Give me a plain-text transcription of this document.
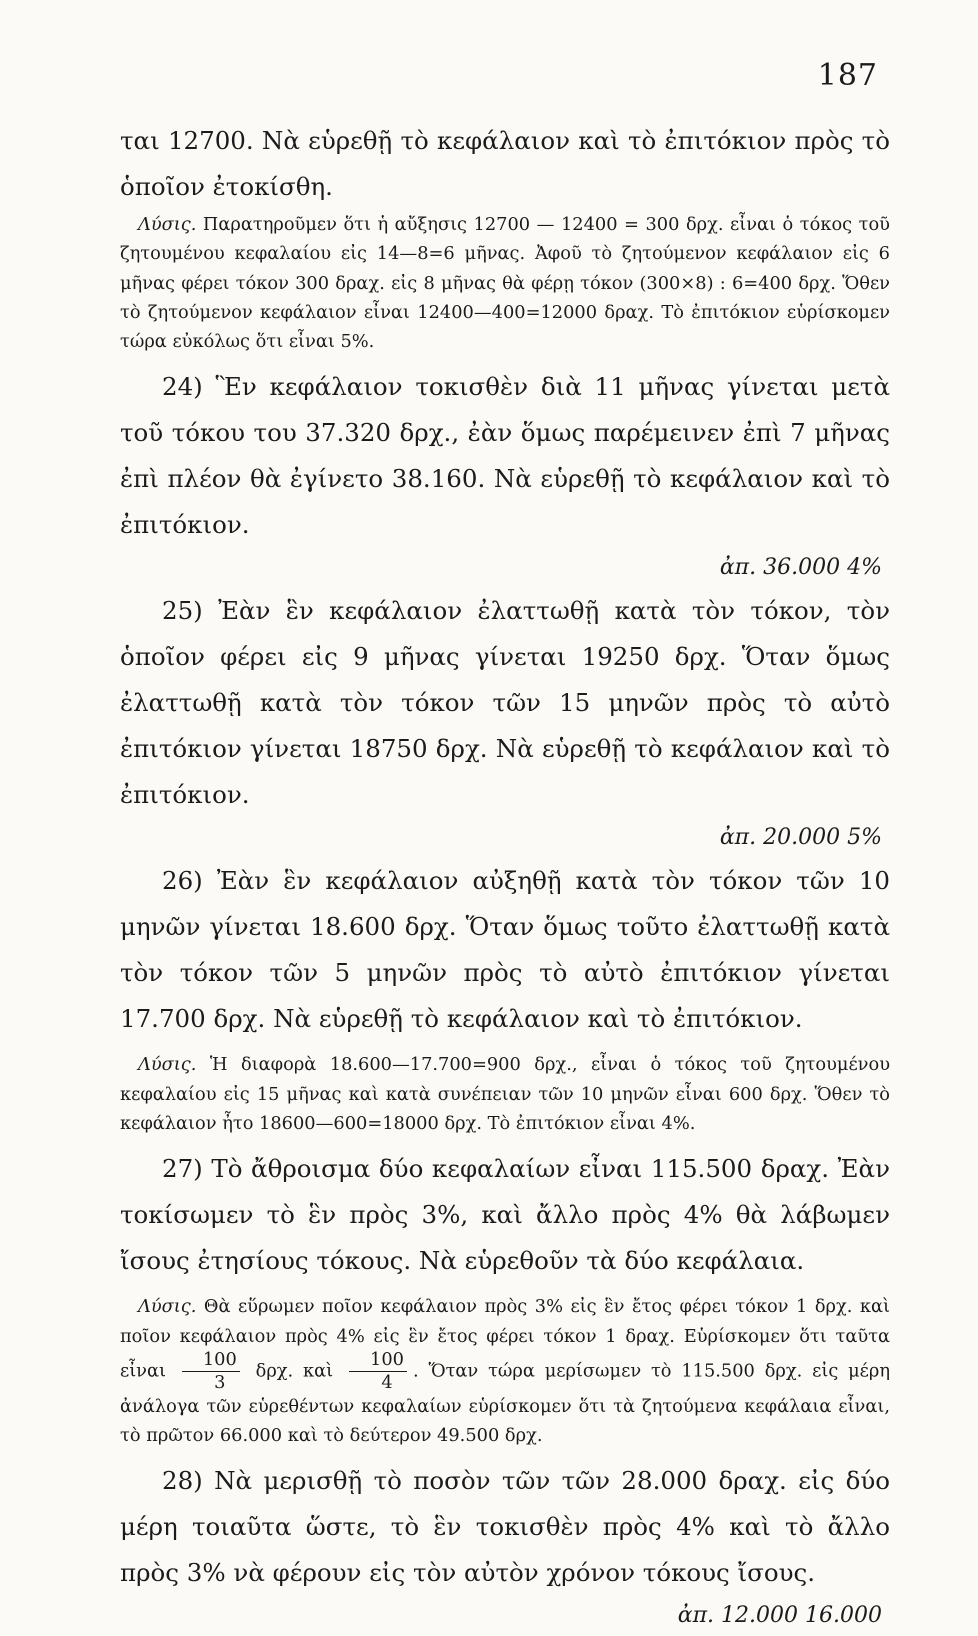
187

ται 12700. Νὰ εὑρεθῇ τὸ κεφάλαιον καὶ τὸ ἐπιτόκιον πρὸς τὸ ὁποῖον ἐτοκίσθη.

Λύσις. Παρατηροῦμεν ὅτι ἡ αὔξησις 12700 — 12400 = 300 δρχ. εἶναι ὁ τόκος τοῦ ζητουμένου κεφαλαίου εἰς 14—8=6 μῆνας. Ἀφοῦ τὸ ζητούμενον κεφάλαιον εἰς 6 μῆνας φέρει τόκον 300 δραχ. εἰς 8 μῆνας θὰ φέρῃ τόκον (300×8) : 6=400 δρχ. Ὅθεν τὸ ζητούμενον κεφάλαιον εἶναι 12400—400=12000 δραχ. Τὸ ἐπιτόκιον εὑρίσκομεν τώρα εὐκόλως ὅτι εἶναι 5%.

24) Ἓν κεφάλαιον τοκισθὲν διὰ 11 μῆνας γίνεται μετὰ τοῦ τόκου του 37.320 δρχ., ἐὰν ὅμως παρέμεινεν ἐπὶ 7 μῆνας ἐπὶ πλέον θὰ ἐγίνετο 38.160. Νὰ εὑρεθῇ τὸ κεφάλαιον καὶ τὸ ἐπιτόκιον.

ἀπ. 36.000 4%

25) Ἐὰν ἓν κεφάλαιον ἐλαττωθῇ κατὰ τὸν τόκον, τὸν ὁποῖον φέρει εἰς 9 μῆνας γίνεται 19250 δρχ. Ὅταν ὅμως ἐλαττωθῇ κατὰ τὸν τόκον τῶν 15 μηνῶν πρὸς τὸ αὐτὸ ἐπιτόκιον γίνεται 18750 δρχ. Νὰ εὑρεθῇ τὸ κεφάλαιον καὶ τὸ ἐπιτόκιον.

ἀπ. 20.000 5%

26) Ἐὰν ἓν κεφάλαιον αὐξηθῇ κατὰ τὸν τόκον τῶν 10 μηνῶν γίνεται 18.600 δρχ. Ὅταν ὅμως τοῦτο ἐλαττωθῇ κατὰ τὸν τόκον τῶν 5 μηνῶν πρὸς τὸ αὐτὸ ἐπιτόκιον γίνεται 17.700 δρχ. Νὰ εὑρεθῇ τὸ κεφάλαιον καὶ τὸ ἐπιτόκιον.

Λύσις. Ἡ διαφορὰ 18.600—17.700=900 δρχ., εἶναι ὁ τόκος τοῦ ζητουμένου κεφαλαίου εἰς 15 μῆνας καὶ κατὰ συνέπειαν τῶν 10 μηνῶν εἶναι 600 δρχ. Ὅθεν τὸ κεφάλαιον ἦτο 18600—600=18000 δρχ. Τὸ ἐπιτόκιον εἶναι 4%.

27) Τὸ ἄθροισμα δύο κεφαλαίων εἶναι 115.500 δραχ. Ἐὰν τοκίσωμεν τὸ ἓν πρὸς 3%, καὶ ἄλλο πρὸς 4% θὰ λάβωμεν ἴσους ἐτησίους τόκους. Νὰ εὑρεθοῦν τὰ δύο κεφάλαια.

Λύσις. Θὰ εὕρωμεν ποῖον κεφάλαιον πρὸς 3% εἰς ἓν ἔτος φέρει τόκον 1 δρχ. καὶ ποῖον κεφάλαιον πρὸς 4% εἰς ἓν ἔτος φέρει τόκον 1 δραχ. Εὑρίσκομεν ὅτι ταῦτα εἶναι $\frac{100}{3} \delta\rho\chi$. καὶ $\frac{100}{4}$ . Ὅταν τώρα μερίσωμεν τὸ 115.500 δρχ. εἰς μέρη ἀνάλογα τῶν εὑρεθέντων κεφαλαίων εὑρίσκομεν ὅτι τὰ ζητούμενα κεφάλαια εἶναι, τὸ πρῶτον 66.000 καὶ τὸ δεύτερον 49.500 δρχ.

28) Νὰ μερισθῇ τὸ ποσὸν τῶν τῶν 28.000 δραχ. εἰς δύο μέρη τοιαῦτα ὥστε, τὸ ἓν τοκισθὲν πρὸς 4% καὶ τὸ ἄλλο πρὸς 3% νὰ φέρουν εἰς τὸν αὐτὸν χρόνον τόκους ἴσους.

ἀπ. 12.000 16.000
